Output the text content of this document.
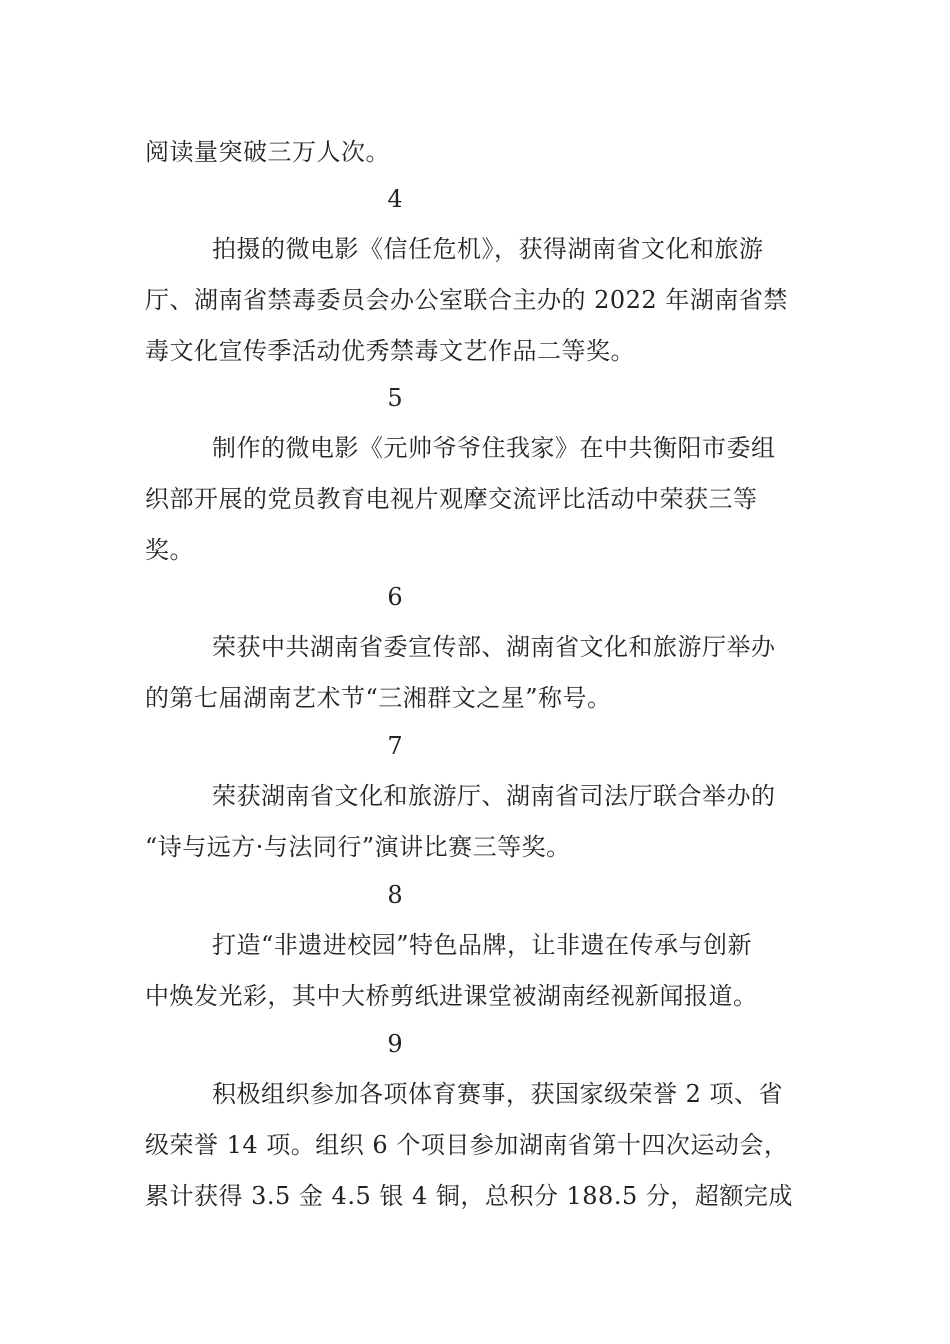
阅读量突破三万人次。
4
拍摄的微电影《信任危机》，获得湖南省文化和旅游
厅、湖南省禁毒委员会办公室联合主办的 2022 年湖南省禁
毒文化宣传季活动优秀禁毒文艺作品二等奖。
5
制作的微电影《元帅爷爷住我家》在中共衡阳市委组
织部开展的党员教育电视片观摩交流评比活动中荣获三等
奖。
6
荣获中共湖南省委宣传部、湖南省文化和旅游厅举办
的第七届湖南艺术节“三湘群文之星”称号。
7
荣获湖南省文化和旅游厅、湖南省司法厅联合举办的
“诗与远方·与法同行”演讲比赛三等奖。
8
打造“非遗进校园”特色品牌，让非遗在传承与创新
中焕发光彩，其中大桥剪纸进课堂被湖南经视新闻报道。
9
积极组织参加各项体育赛事，获国家级荣誉 2 项、省
级荣誉 14 项。组织 6 个项目参加湖南省第十四次运动会，
累计获得 3.5 金 4.5 银 4 铜，总积分 188.5 分，超额完成
